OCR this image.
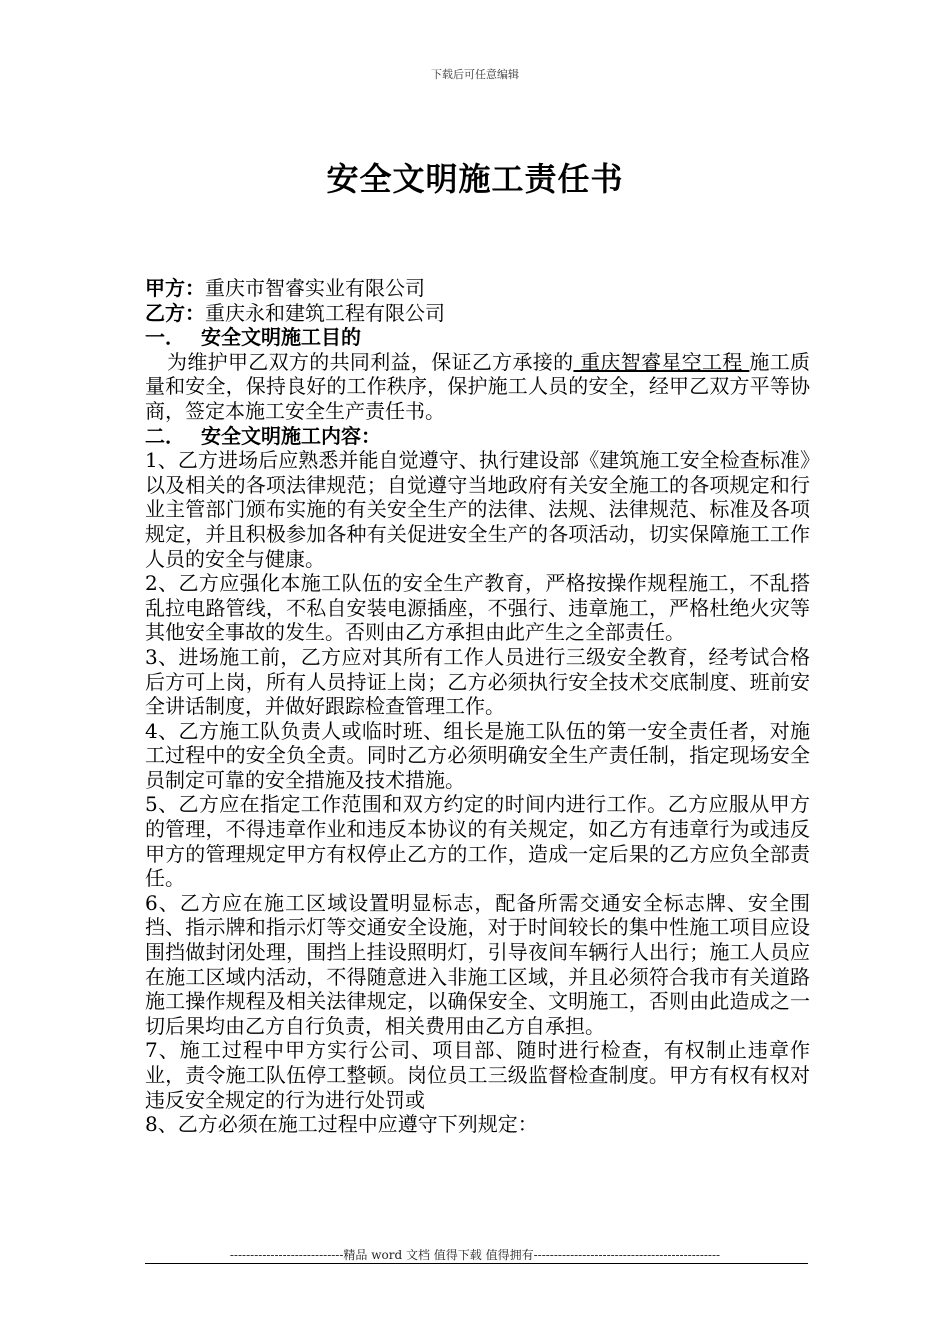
下载后可任意编辑
安全文明施工责任书

甲方：重庆市智睿实业有限公司

乙方：重庆永和建筑工程有限公司

一． 安全文明施工目的

为维护甲乙双方的共同利益，保证乙方承接的 重庆智睿星空工程 施工质量和安全，保持良好的工作秩序，保护施工人员的安全，经甲乙双方平等协商，签定本施工安全生产责任书。

二． 安全文明施工内容：

1、乙方进场后应熟悉并能自觉遵守、执行建设部《建筑施工安全检查标准》以及相关的各项法律规范；自觉遵守当地政府有关安全施工的各项规定和行业主管部门颁布实施的有关安全生产的法律、法规、法律规范、标准及各项规定，并且积极参加各种有关促进安全生产的各项活动，切实保障施工工作人员的安全与健康。

2、乙方应强化本施工队伍的安全生产教育，严格按操作规程施工，不乱搭乱拉电路管线，不私自安装电源插座，不强行、违章施工，严格杜绝火灾等其他安全事故的发生。否则由乙方承担由此产生之全部责任。

3、进场施工前，乙方应对其所有工作人员进行三级安全教育，经考试合格后方可上岗，所有人员持证上岗；乙方必须执行安全技术交底制度、班前安全讲话制度，并做好跟踪检查管理工作。

4、乙方施工队负责人或临时班、组长是施工队伍的第一安全责任者，对施工过程中的安全负全责。同时乙方必须明确安全生产责任制，指定现场安全员制定可靠的安全措施及技术措施。

5、乙方应在指定工作范围和双方约定的时间内进行工作。乙方应服从甲方的管理，不得违章作业和违反本协议的有关规定，如乙方有违章行为或违反甲方的管理规定甲方有权停止乙方的工作，造成一定后果的乙方应负全部责任。

6、乙方应在施工区域设置明显标志，配备所需交通安全标志牌、安全围挡、指示牌和指示灯等交通安全设施，对于时间较长的集中性施工项目应设围挡做封闭处理，围挡上挂设照明灯，引导夜间车辆行人出行；施工人员应在施工区域内活动，不得随意进入非施工区域，并且必须符合我市有关道路施工操作规程及相关法律规定，以确保安全、文明施工，否则由此造成之一切后果均由乙方自行负责，相关费用由乙方自承担。

7、施工过程中甲方实行公司、项目部、随时进行检查，有权制止违章作业，责令施工队伍停工整顿。岗位员工三级监督检查制度。甲方有权有权对违反安全规定的行为进行处罚或

8、乙方必须在施工过程中应遵守下列规定：

----------------------------精品 word 文档 值得下载 值得拥有----------------------------------------------
